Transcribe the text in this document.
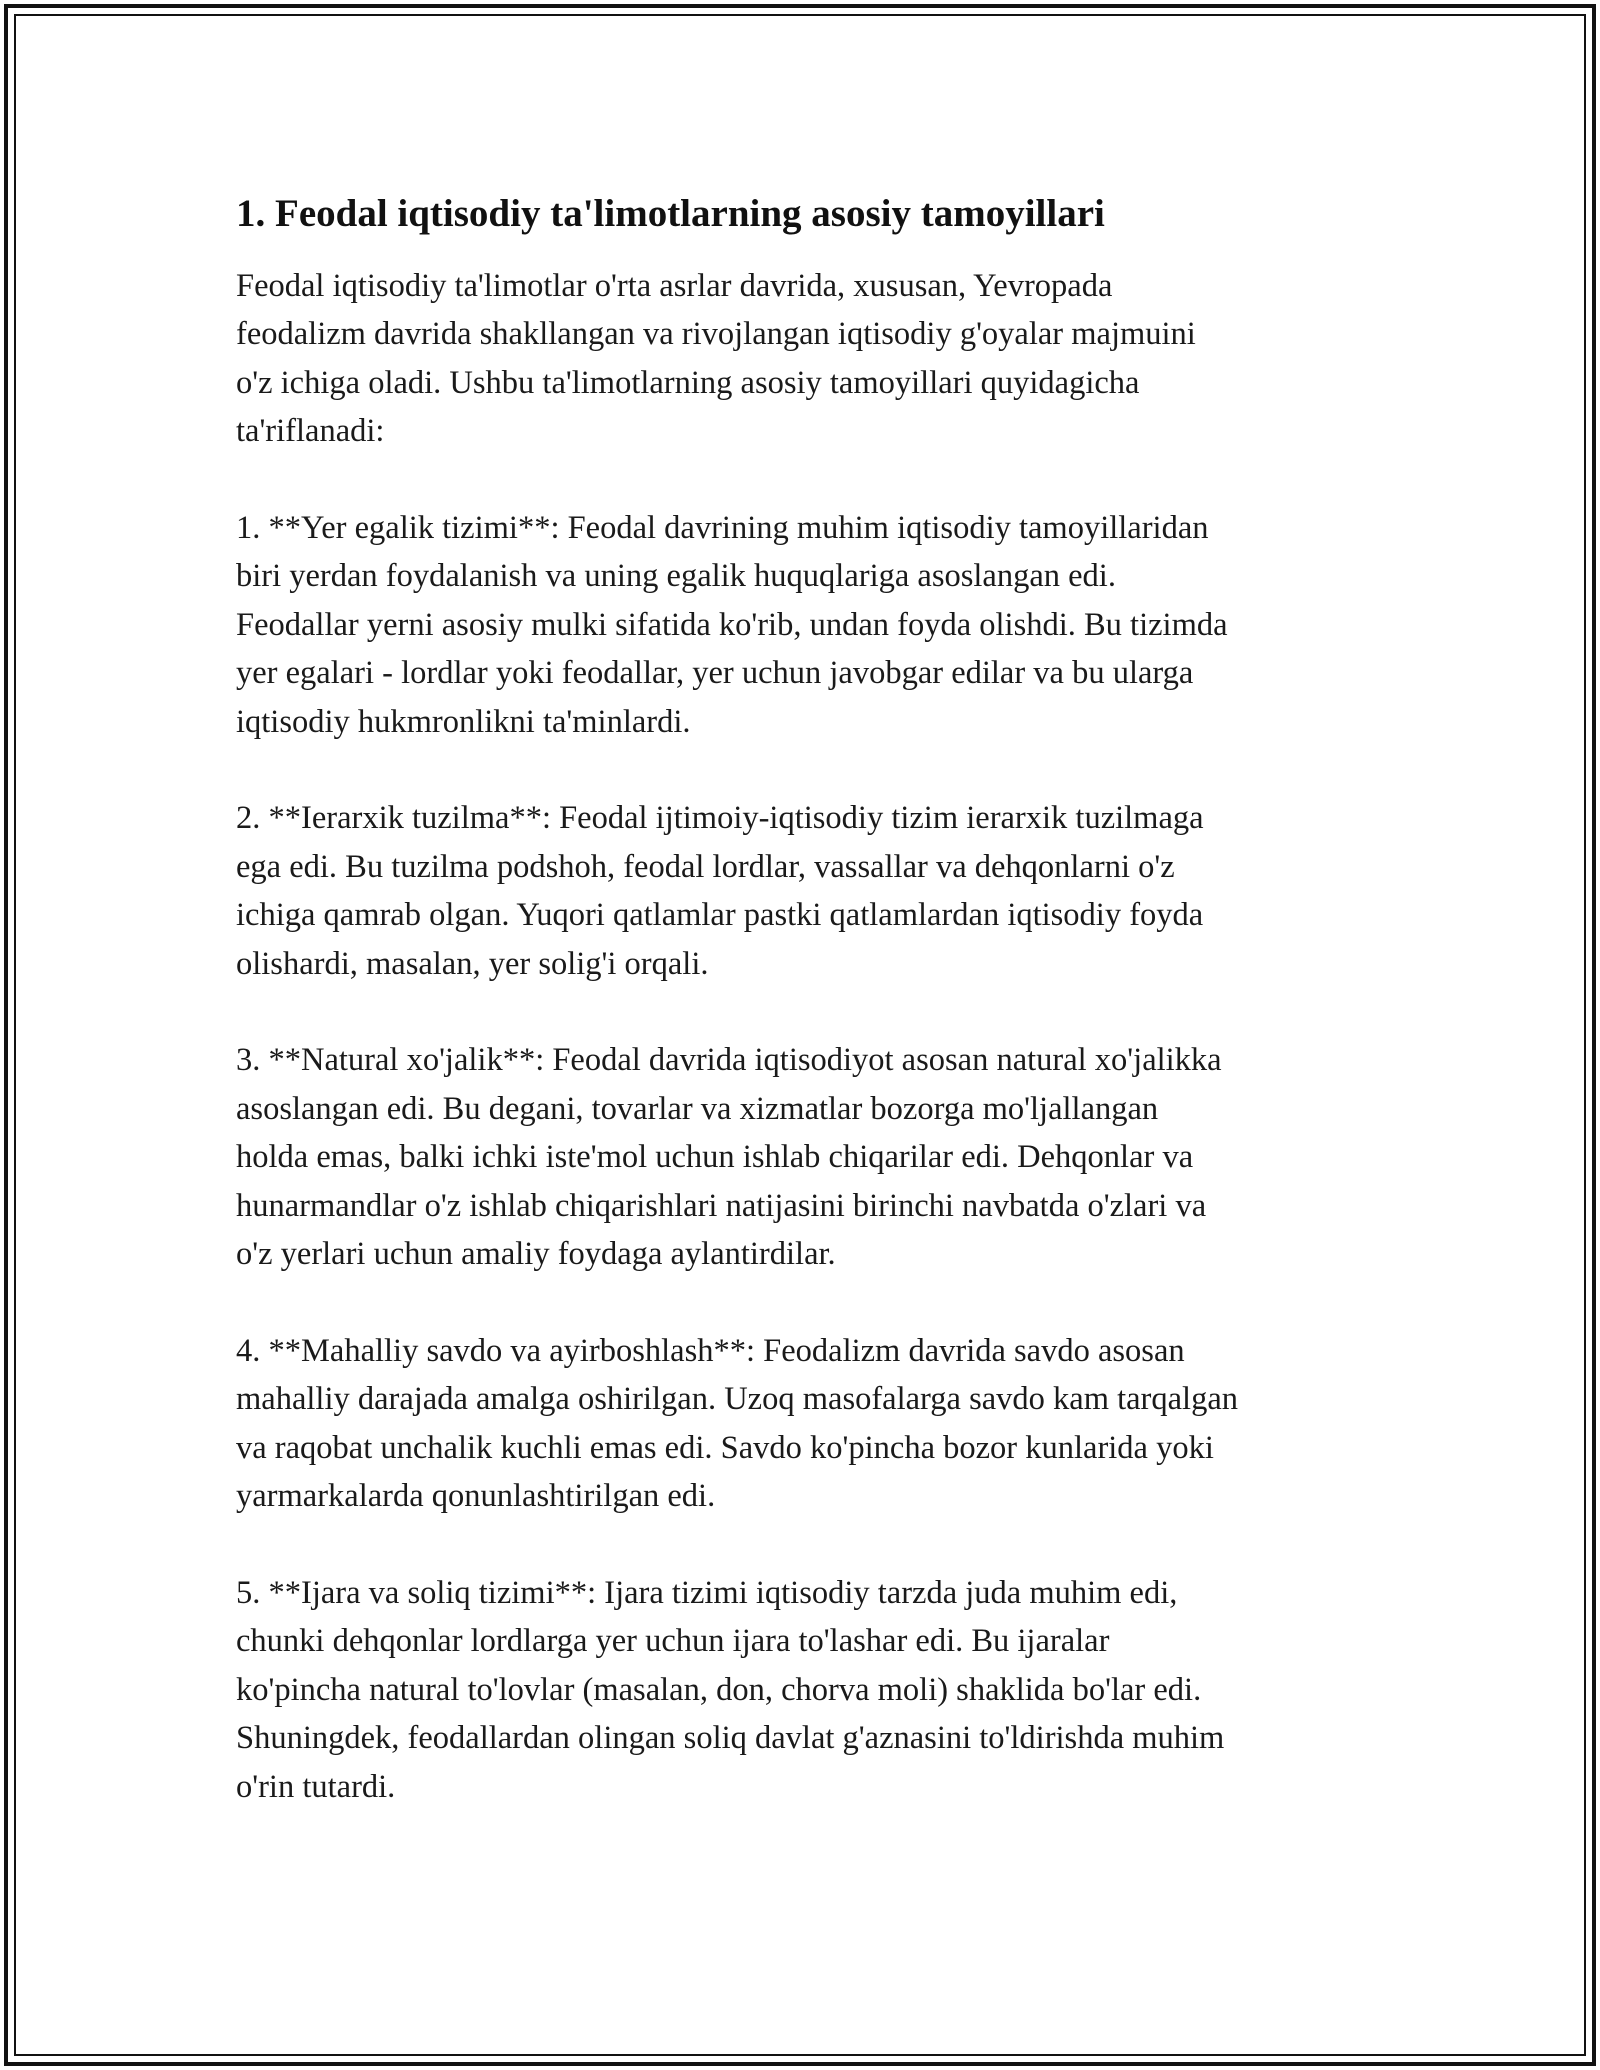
1. Feodal iqtisodiy ta'limotlarning asosiy tamoyillari

Feodal iqtisodiy ta'limotlar o'rta asrlar davrida, xususan, Yevropada
feodalizm davrida shakllangan va rivojlangan iqtisodiy g'oyalar majmuini
o'z ichiga oladi. Ushbu ta'limotlarning asosiy tamoyillari quyidagicha
ta'riflanadi:

1. **Yer egalik tizimi**: Feodal davrining muhim iqtisodiy tamoyillaridan
biri yerdan foydalanish va uning egalik huquqlariga asoslangan edi.
Feodallar yerni asosiy mulki sifatida ko'rib, undan foyda olishdi. Bu tizimda
yer egalari - lordlar yoki feodallar, yer uchun javobgar edilar va bu ularga
iqtisodiy hukmronlikni ta'minlardi.

2. **Ierarxik tuzilma**: Feodal ijtimoiy-iqtisodiy tizim ierarxik tuzilmaga
ega edi. Bu tuzilma podshoh, feodal lordlar, vassallar va dehqonlarni o'z
ichiga qamrab olgan. Yuqori qatlamlar pastki qatlamlardan iqtisodiy foyda
olishardi, masalan, yer solig'i orqali.

3. **Natural xo'jalik**: Feodal davrida iqtisodiyot asosan natural xo'jalikka
asoslangan edi. Bu degani, tovarlar va xizmatlar bozorga mo'ljallangan
holda emas, balki ichki iste'mol uchun ishlab chiqarilar edi. Dehqonlar va
hunarmandlar o'z ishlab chiqarishlari natijasini birinchi navbatda o'zlari va
o'z yerlari uchun amaliy foydaga aylantirdilar.

4. **Mahalliy savdo va ayirboshlash**: Feodalizm davrida savdo asosan
mahalliy darajada amalga oshirilgan. Uzoq masofalarga savdo kam tarqalgan
va raqobat unchalik kuchli emas edi. Savdo ko'pincha bozor kunlarida yoki
yarmarkalarda qonunlashtirilgan edi.

5. **Ijara va soliq tizimi**: Ijara tizimi iqtisodiy tarzda juda muhim edi,
chunki dehqonlar lordlarga yer uchun ijara to'lashar edi. Bu ijaralar
ko'pincha natural to'lovlar (masalan, don, chorva moli) shaklida bo'lar edi.
Shuningdek, feodallardan olingan soliq davlat g'aznasini to'ldirishda muhim
o'rin tutardi.
